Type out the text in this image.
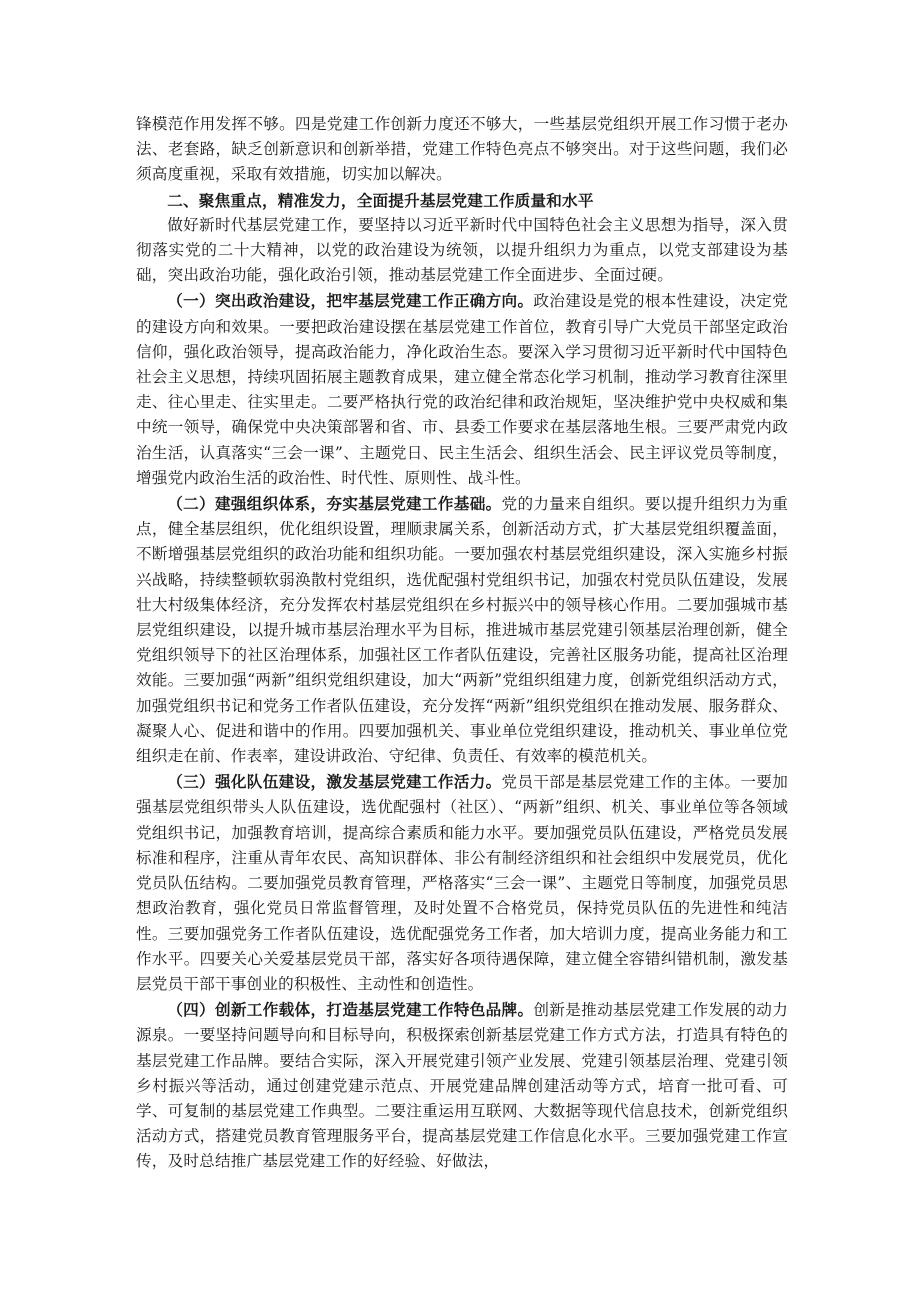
锋模范作用发挥不够。四是党建工作创新力度还不够大，一些基层党组织开展工作习惯于老办法、老套路，缺乏创新意识和创新举措，党建工作特色亮点不够突出。对于这些问题，我们必须高度重视，采取有效措施，切实加以解决。

二、聚焦重点，精准发力，全面提升基层党建工作质量和水平

做好新时代基层党建工作，要坚持以习近平新时代中国特色社会主义思想为指导，深入贯彻落实党的二十大精神，以党的政治建设为统领，以提升组织力为重点，以党支部建设为基础，突出政治功能，强化政治引领，推动基层党建工作全面进步、全面过硬。

（一）突出政治建设，把牢基层党建工作正确方向。政治建设是党的根本性建设，决定党的建设方向和效果。一要把政治建设摆在基层党建工作首位，教育引导广大党员干部坚定政治信仰，强化政治领导，提高政治能力，净化政治生态。要深入学习贯彻习近平新时代中国特色社会主义思想，持续巩固拓展主题教育成果，建立健全常态化学习机制，推动学习教育往深里走、往心里走、往实里走。二要严格执行党的政治纪律和政治规矩，坚决维护党中央权威和集中统一领导，确保党中央决策部署和省、市、县委工作要求在基层落地生根。三要严肃党内政治生活，认真落实“三会一课”、主题党日、民主生活会、组织生活会、民主评议党员等制度，增强党内政治生活的政治性、时代性、原则性、战斗性。

（二）建强组织体系，夯实基层党建工作基础。党的力量来自组织。要以提升组织力为重点，健全基层组织，优化组织设置，理顺隶属关系，创新活动方式，扩大基层党组织覆盖面，不断增强基层党组织的政治功能和组织功能。一要加强农村基层党组织建设，深入实施乡村振兴战略，持续整顿软弱涣散村党组织，选优配强村党组织书记，加强农村党员队伍建设，发展壮大村级集体经济，充分发挥农村基层党组织在乡村振兴中的领导核心作用。二要加强城市基层党组织建设，以提升城市基层治理水平为目标，推进城市基层党建引领基层治理创新，健全党组织领导下的社区治理体系，加强社区工作者队伍建设，完善社区服务功能，提高社区治理效能。三要加强“两新”组织党组织建设，加大“两新”党组织组建力度，创新党组织活动方式，加强党组织书记和党务工作者队伍建设，充分发挥“两新”组织党组织在推动发展、服务群众、凝聚人心、促进和谐中的作用。四要加强机关、事业单位党组织建设，推动机关、事业单位党组织走在前、作表率，建设讲政治、守纪律、负责任、有效率的模范机关。

（三）强化队伍建设，激发基层党建工作活力。党员干部是基层党建工作的主体。一要加强基层党组织带头人队伍建设，选优配强村（社区）、“两新”组织、机关、事业单位等各领域党组织书记，加强教育培训，提高综合素质和能力水平。要加强党员队伍建设，严格党员发展标准和程序，注重从青年农民、高知识群体、非公有制经济组织和社会组织中发展党员，优化党员队伍结构。二要加强党员教育管理，严格落实“三会一课”、主题党日等制度，加强党员思想政治教育，强化党员日常监督管理，及时处置不合格党员，保持党员队伍的先进性和纯洁性。三要加强党务工作者队伍建设，选优配强党务工作者，加大培训力度，提高业务能力和工作水平。四要关心关爱基层党员干部，落实好各项待遇保障，建立健全容错纠错机制，激发基层党员干部干事创业的积极性、主动性和创造性。

（四）创新工作载体，打造基层党建工作特色品牌。创新是推动基层党建工作发展的动力源泉。一要坚持问题导向和目标导向，积极探索创新基层党建工作方式方法，打造具有特色的基层党建工作品牌。要结合实际，深入开展党建引领产业发展、党建引领基层治理、党建引领乡村振兴等活动，通过创建党建示范点、开展党建品牌创建活动等方式，培育一批可看、可学、可复制的基层党建工作典型。二要注重运用互联网、大数据等现代信息技术，创新党组织活动方式，搭建党员教育管理服务平台，提高基层党建工作信息化水平。三要加强党建工作宣传，及时总结推广基层党建工作的好经验、好做法，
